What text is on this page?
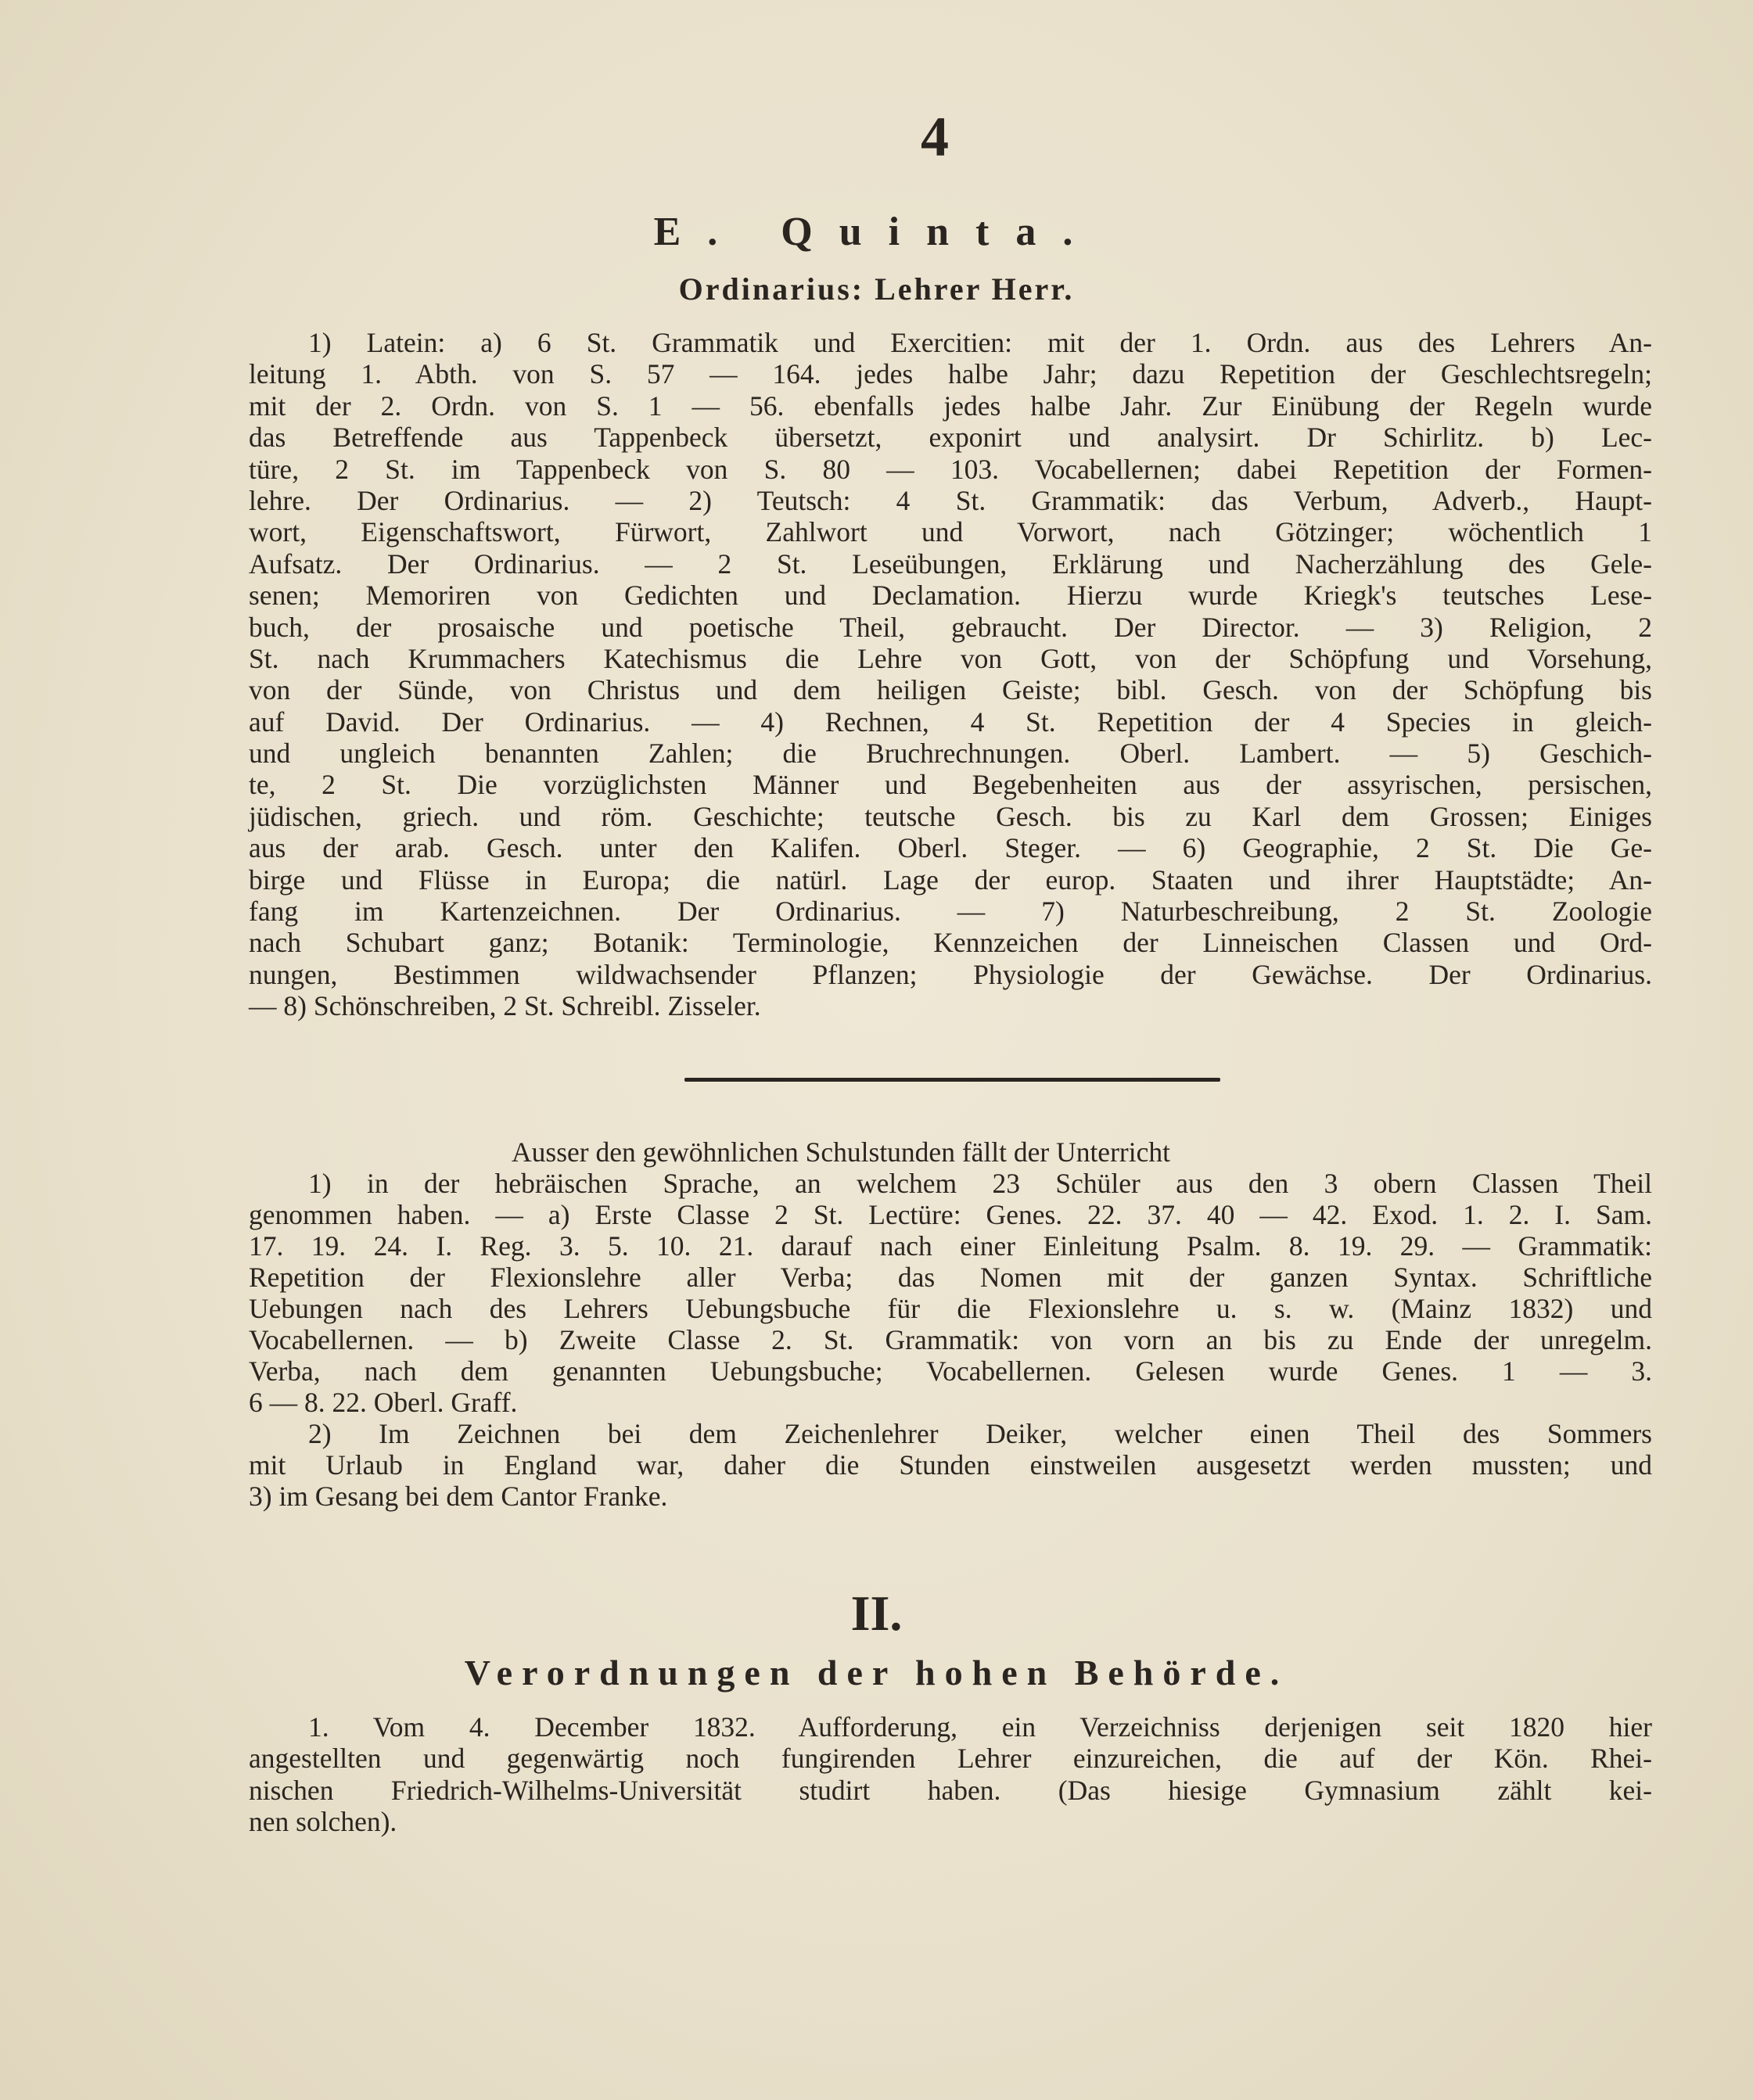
4
E. Quinta.
Ordinarius: Lehrer Herr.
1) Latein: a) 6 St. Grammatik und Exercitien: mit der 1. Ordn. aus des Lehrers An-
leitung 1. Abth. von S. 57 — 164. jedes halbe Jahr; dazu Repetition der Geschlechtsregeln;
mit der 2. Ordn. von S. 1 — 56. ebenfalls jedes halbe Jahr. Zur Einübung der Regeln wurde
das Betreffende aus Tappenbeck übersetzt, exponirt und analysirt. Dr Schirlitz. b) Lec-
türe, 2 St. im Tappenbeck von S. 80 — 103. Vocabellernen; dabei Repetition der Formen-
lehre. Der Ordinarius. — 2) Teutsch: 4 St. Grammatik: das Verbum, Adverb., Haupt-
wort, Eigenschaftswort, Fürwort, Zahlwort und Vorwort, nach Götzinger; wöchentlich 1
Aufsatz. Der Ordinarius. — 2 St. Leseübungen, Erklärung und Nacherzählung des Gele-
senen; Memoriren von Gedichten und Declamation. Hierzu wurde Kriegk's teutsches Lese-
buch, der prosaische und poetische Theil, gebraucht. Der Director. — 3) Religion, 2
St. nach Krummachers Katechismus die Lehre von Gott, von der Schöpfung und Vorsehung,
von der Sünde, von Christus und dem heiligen Geiste; bibl. Gesch. von der Schöpfung bis
auf David. Der Ordinarius. — 4) Rechnen, 4 St. Repetition der 4 Species in gleich-
und ungleich benannten Zahlen; die Bruchrechnungen. Oberl. Lambert. — 5) Geschich-
te, 2 St. Die vorzüglichsten Männer und Begebenheiten aus der assyrischen, persischen,
jüdischen, griech. und röm. Geschichte; teutsche Gesch. bis zu Karl dem Grossen; Einiges
aus der arab. Gesch. unter den Kalifen. Oberl. Steger. — 6) Geographie, 2 St. Die Ge-
birge und Flüsse in Europa; die natürl. Lage der europ. Staaten und ihrer Hauptstädte; An-
fang im Kartenzeichnen. Der Ordinarius. — 7) Naturbeschreibung, 2 St. Zoologie
nach Schubart ganz; Botanik: Terminologie, Kennzeichen der Linneischen Classen und Ord-
nungen, Bestimmen wildwachsender Pflanzen; Physiologie der Gewächse. Der Ordinarius.
— 8) Schönschreiben, 2 St. Schreibl. Zisseler.
Ausser den gewöhnlichen Schulstunden fällt der Unterricht
1) in der hebräischen Sprache, an welchem 23 Schüler aus den 3 obern Classen Theil
genommen haben. — a) Erste Classe 2 St. Lectüre: Genes. 22. 37. 40 — 42. Exod. 1. 2. I. Sam.
17. 19. 24. I. Reg. 3. 5. 10. 21. darauf nach einer Einleitung Psalm. 8. 19. 29. — Grammatik:
Repetition der Flexionslehre aller Verba; das Nomen mit der ganzen Syntax. Schriftliche
Uebungen nach des Lehrers Uebungsbuche für die Flexionslehre u. s. w. (Mainz 1832) und
Vocabellernen. — b) Zweite Classe 2. St. Grammatik: von vorn an bis zu Ende der unregelm.
Verba, nach dem genannten Uebungsbuche; Vocabellernen. Gelesen wurde Genes. 1 — 3.
6 — 8. 22. Oberl. Graff.
2) Im Zeichnen bei dem Zeichenlehrer Deiker, welcher einen Theil des Sommers
mit Urlaub in England war, daher die Stunden einstweilen ausgesetzt werden mussten; und
3) im Gesang bei dem Cantor Franke.
II.
Verordnungen der hohen Behörde.
1. Vom 4. December 1832. Aufforderung, ein Verzeichniss derjenigen seit 1820 hier
angestellten und gegenwärtig noch fungirenden Lehrer einzureichen, die auf der Kön. Rhei-
nischen Friedrich-Wilhelms-Universität studirt haben. (Das hiesige Gymnasium zählt kei-
nen solchen).
